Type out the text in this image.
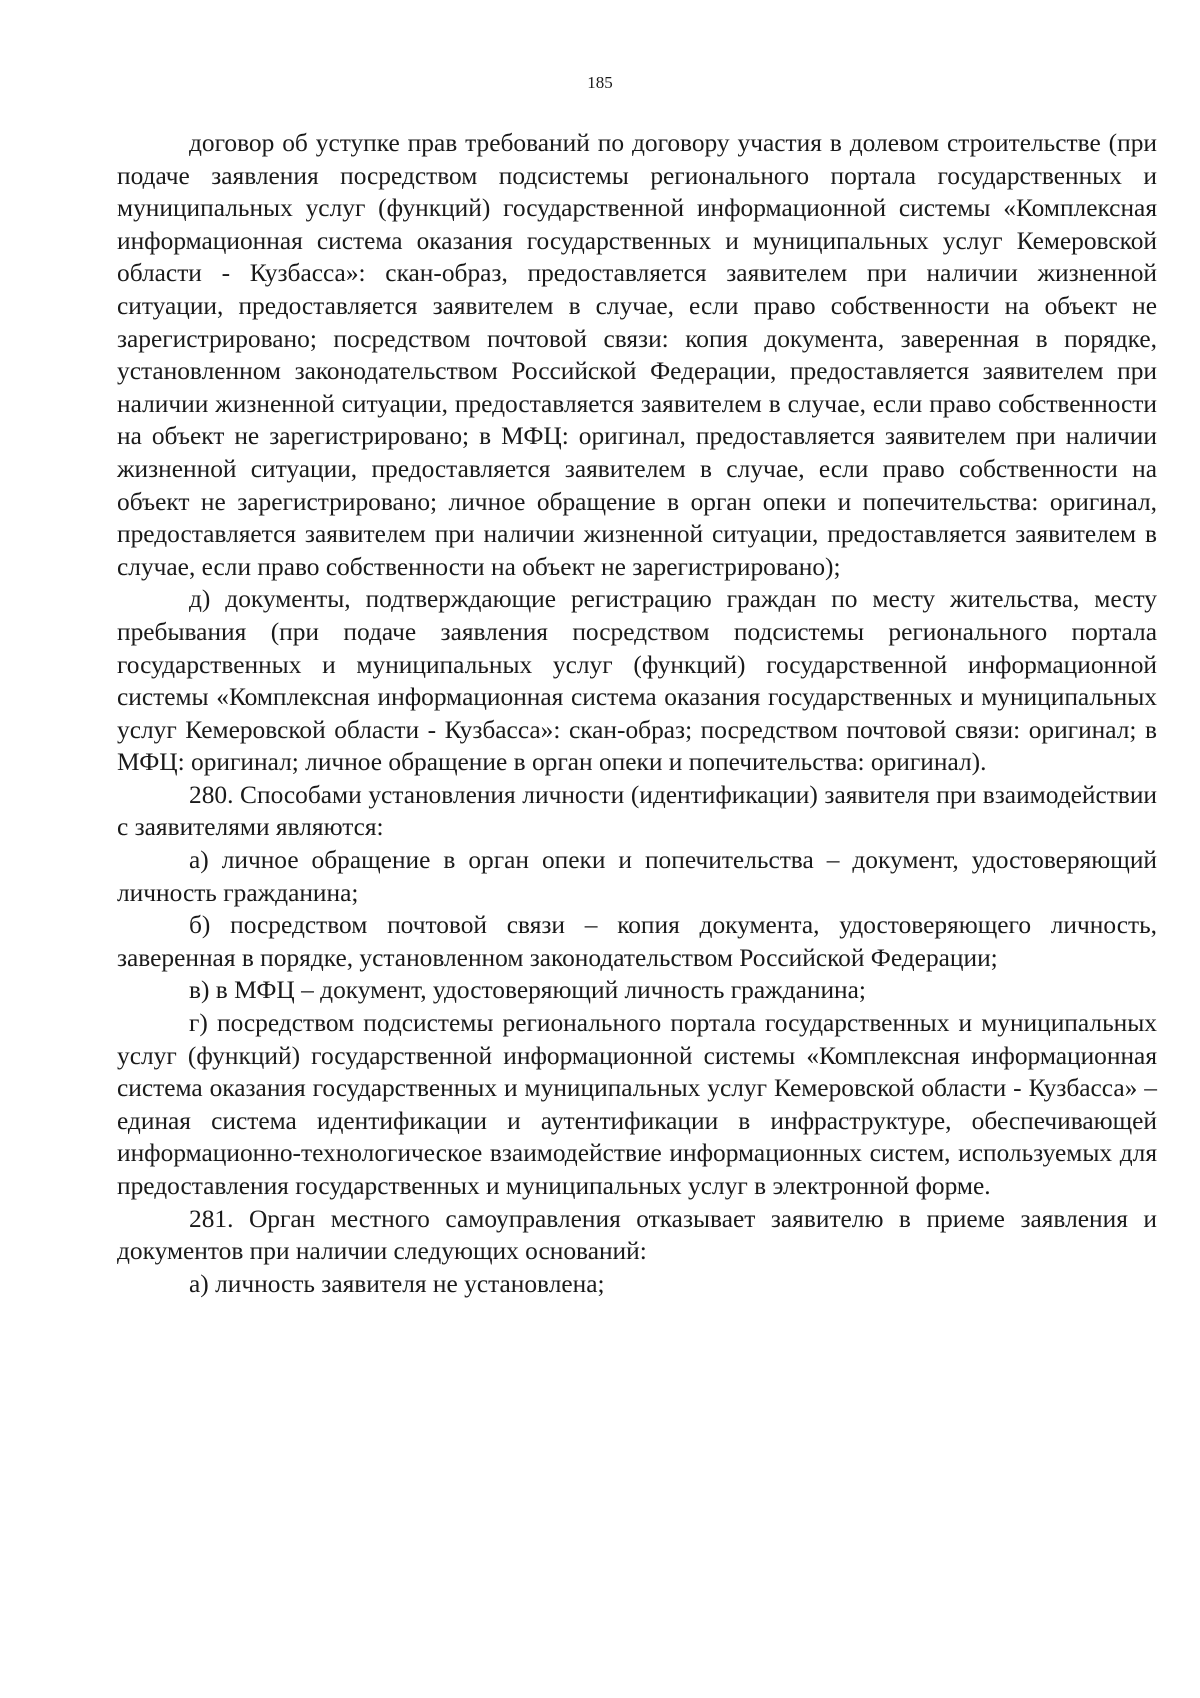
185

договор об уступке прав требований по договору участия в долевом строительстве (при подаче заявления посредством подсистемы регионального портала государственных и муниципальных услуг (функций) государственной информационной системы «Комплексная информационная система оказания государственных и муниципальных услуг Кемеровской области - Кузбасса»: скан-образ, предоставляется заявителем при наличии жизненной ситуации, предоставляется заявителем в случае, если право собственности на объект не зарегистрировано; посредством почтовой связи: копия документа, заверенная в порядке, установленном законодательством Российской Федерации, предоставляется заявителем при наличии жизненной ситуации, предоставляется заявителем в случае, если право собственности на объект не зарегистрировано; в МФЦ: оригинал, предоставляется заявителем при наличии жизненной ситуации, предоставляется заявителем в случае, если право собственности на объект не зарегистрировано; личное обращение в орган опеки и попечительства: оригинал, предоставляется заявителем при наличии жизненной ситуации, предоставляется заявителем в случае, если право собственности на объект не зарегистрировано);

д) документы, подтверждающие регистрацию граждан по месту жительства, месту пребывания (при подаче заявления посредством подсистемы регионального портала государственных и муниципальных услуг (функций) государственной информационной системы «Комплексная информационная система оказания государственных и муниципальных услуг Кемеровской области - Кузбасса»: скан-образ; посредством почтовой связи: оригинал; в МФЦ: оригинал; личное обращение в орган опеки и попечительства: оригинал).

280. Способами установления личности (идентификации) заявителя при взаимодействии с заявителями являются:

а) личное обращение в орган опеки и попечительства – документ, удостоверяющий личность гражданина;

б) посредством почтовой связи – копия документа, удостоверяющего личность, заверенная в порядке, установленном законодательством Российской Федерации;

в) в МФЦ – документ, удостоверяющий личность гражданина;

г) посредством подсистемы регионального портала государственных и муниципальных услуг (функций) государственной информационной системы «Комплексная информационная система оказания государственных и муниципальных услуг Кемеровской области - Кузбасса» – единая система идентификации и аутентификации в инфраструктуре, обеспечивающей информационно-технологическое взаимодействие информационных систем, используемых для предоставления государственных и муниципальных услуг в электронной форме.

281. Орган местного самоуправления отказывает заявителю в приеме заявления и документов при наличии следующих оснований:

а) личность заявителя не установлена;
